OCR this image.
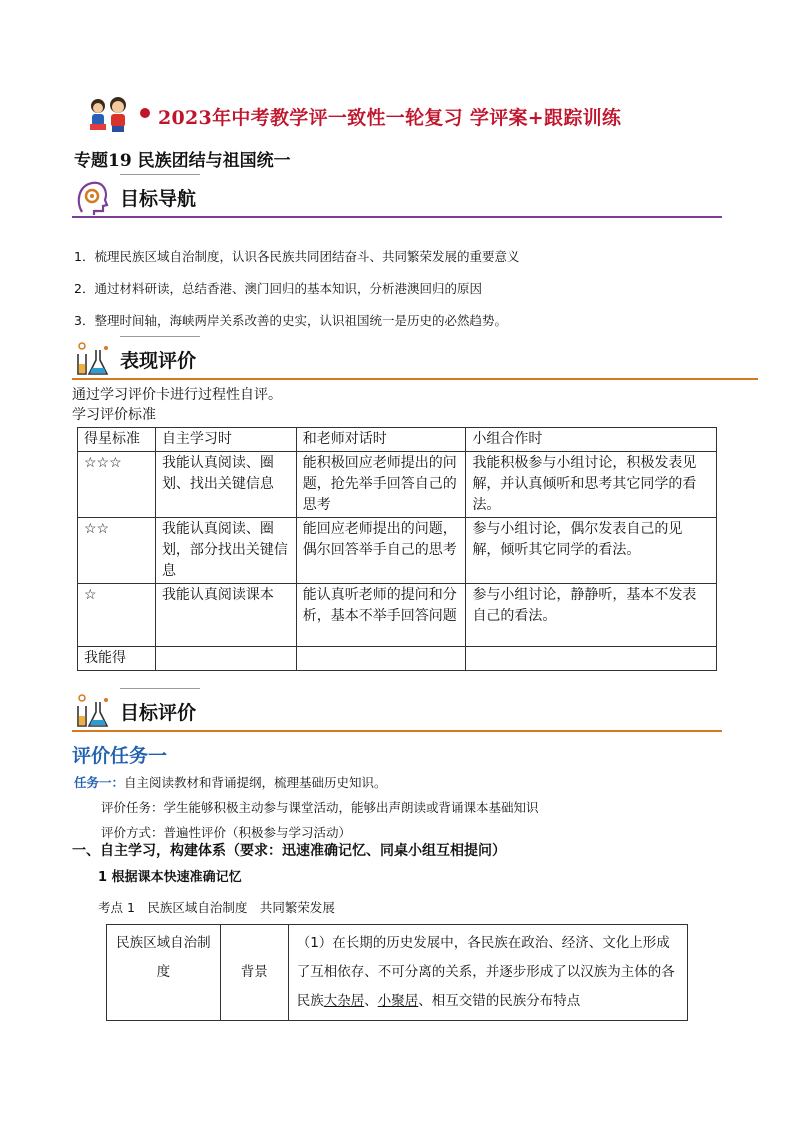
2023年中考教学评一致性一轮复习 学评案+跟踪训练
专题19 民族团结与祖国统一
目标导航
1．梳理民族区域自治制度，认识各民族共同团结奋斗、共同繁荣发展的重要意义
2．通过材料研读，总结香港、澳门回归的基本知识，分析港澳回归的原因
3．整理时间轴，海峡两岸关系改善的史实，认识祖国统一是历史的必然趋势。
表现评价
通过学习评价卡进行过程性自评。
学习评价标准
得星标准	自主学习时	和老师对话时	小组合作时
☆☆☆	我能认真阅读、圈划、找出关键信息	能积极回应老师提出的问题，抢先举手回答自己的思考	我能积极参与小组讨论，积极发表见解，并认真倾听和思考其它同学的看法。
☆☆	我能认真阅读、圈划，部分找出关键信息	能回应老师提出的问题，偶尔回答举手自己的思考	参与小组讨论，偶尔发表自己的见解，倾听其它同学的看法。
☆	我能认真阅读课本	能认真听老师的提问和分析，基本不举手回答问题	参与小组讨论，静静听，基本不发表自己的看法。
我能得			
目标评价
评价任务一
任务一：自主阅读教材和背诵提纲，梳理基础历史知识。
评价任务：学生能够积极主动参与课堂活动，能够出声朗读或背诵课本基础知识
评价方式：普遍性评价（积极参与学习活动）
一、自主学习，构建体系（要求：迅速准确记忆、同桌小组互相提问）
1 根据课本快速准确记忆
考点 1　民族区域自治制度　共同繁荣发展
民族区域自治制度	背景	（1）在长期的历史发展中，各民族在政治、经济、文化上形成了互相依存、不可分离的关系，并逐步形成了以汉族为主体的各民族大杂居、小聚居、相互交错的民族分布特点
